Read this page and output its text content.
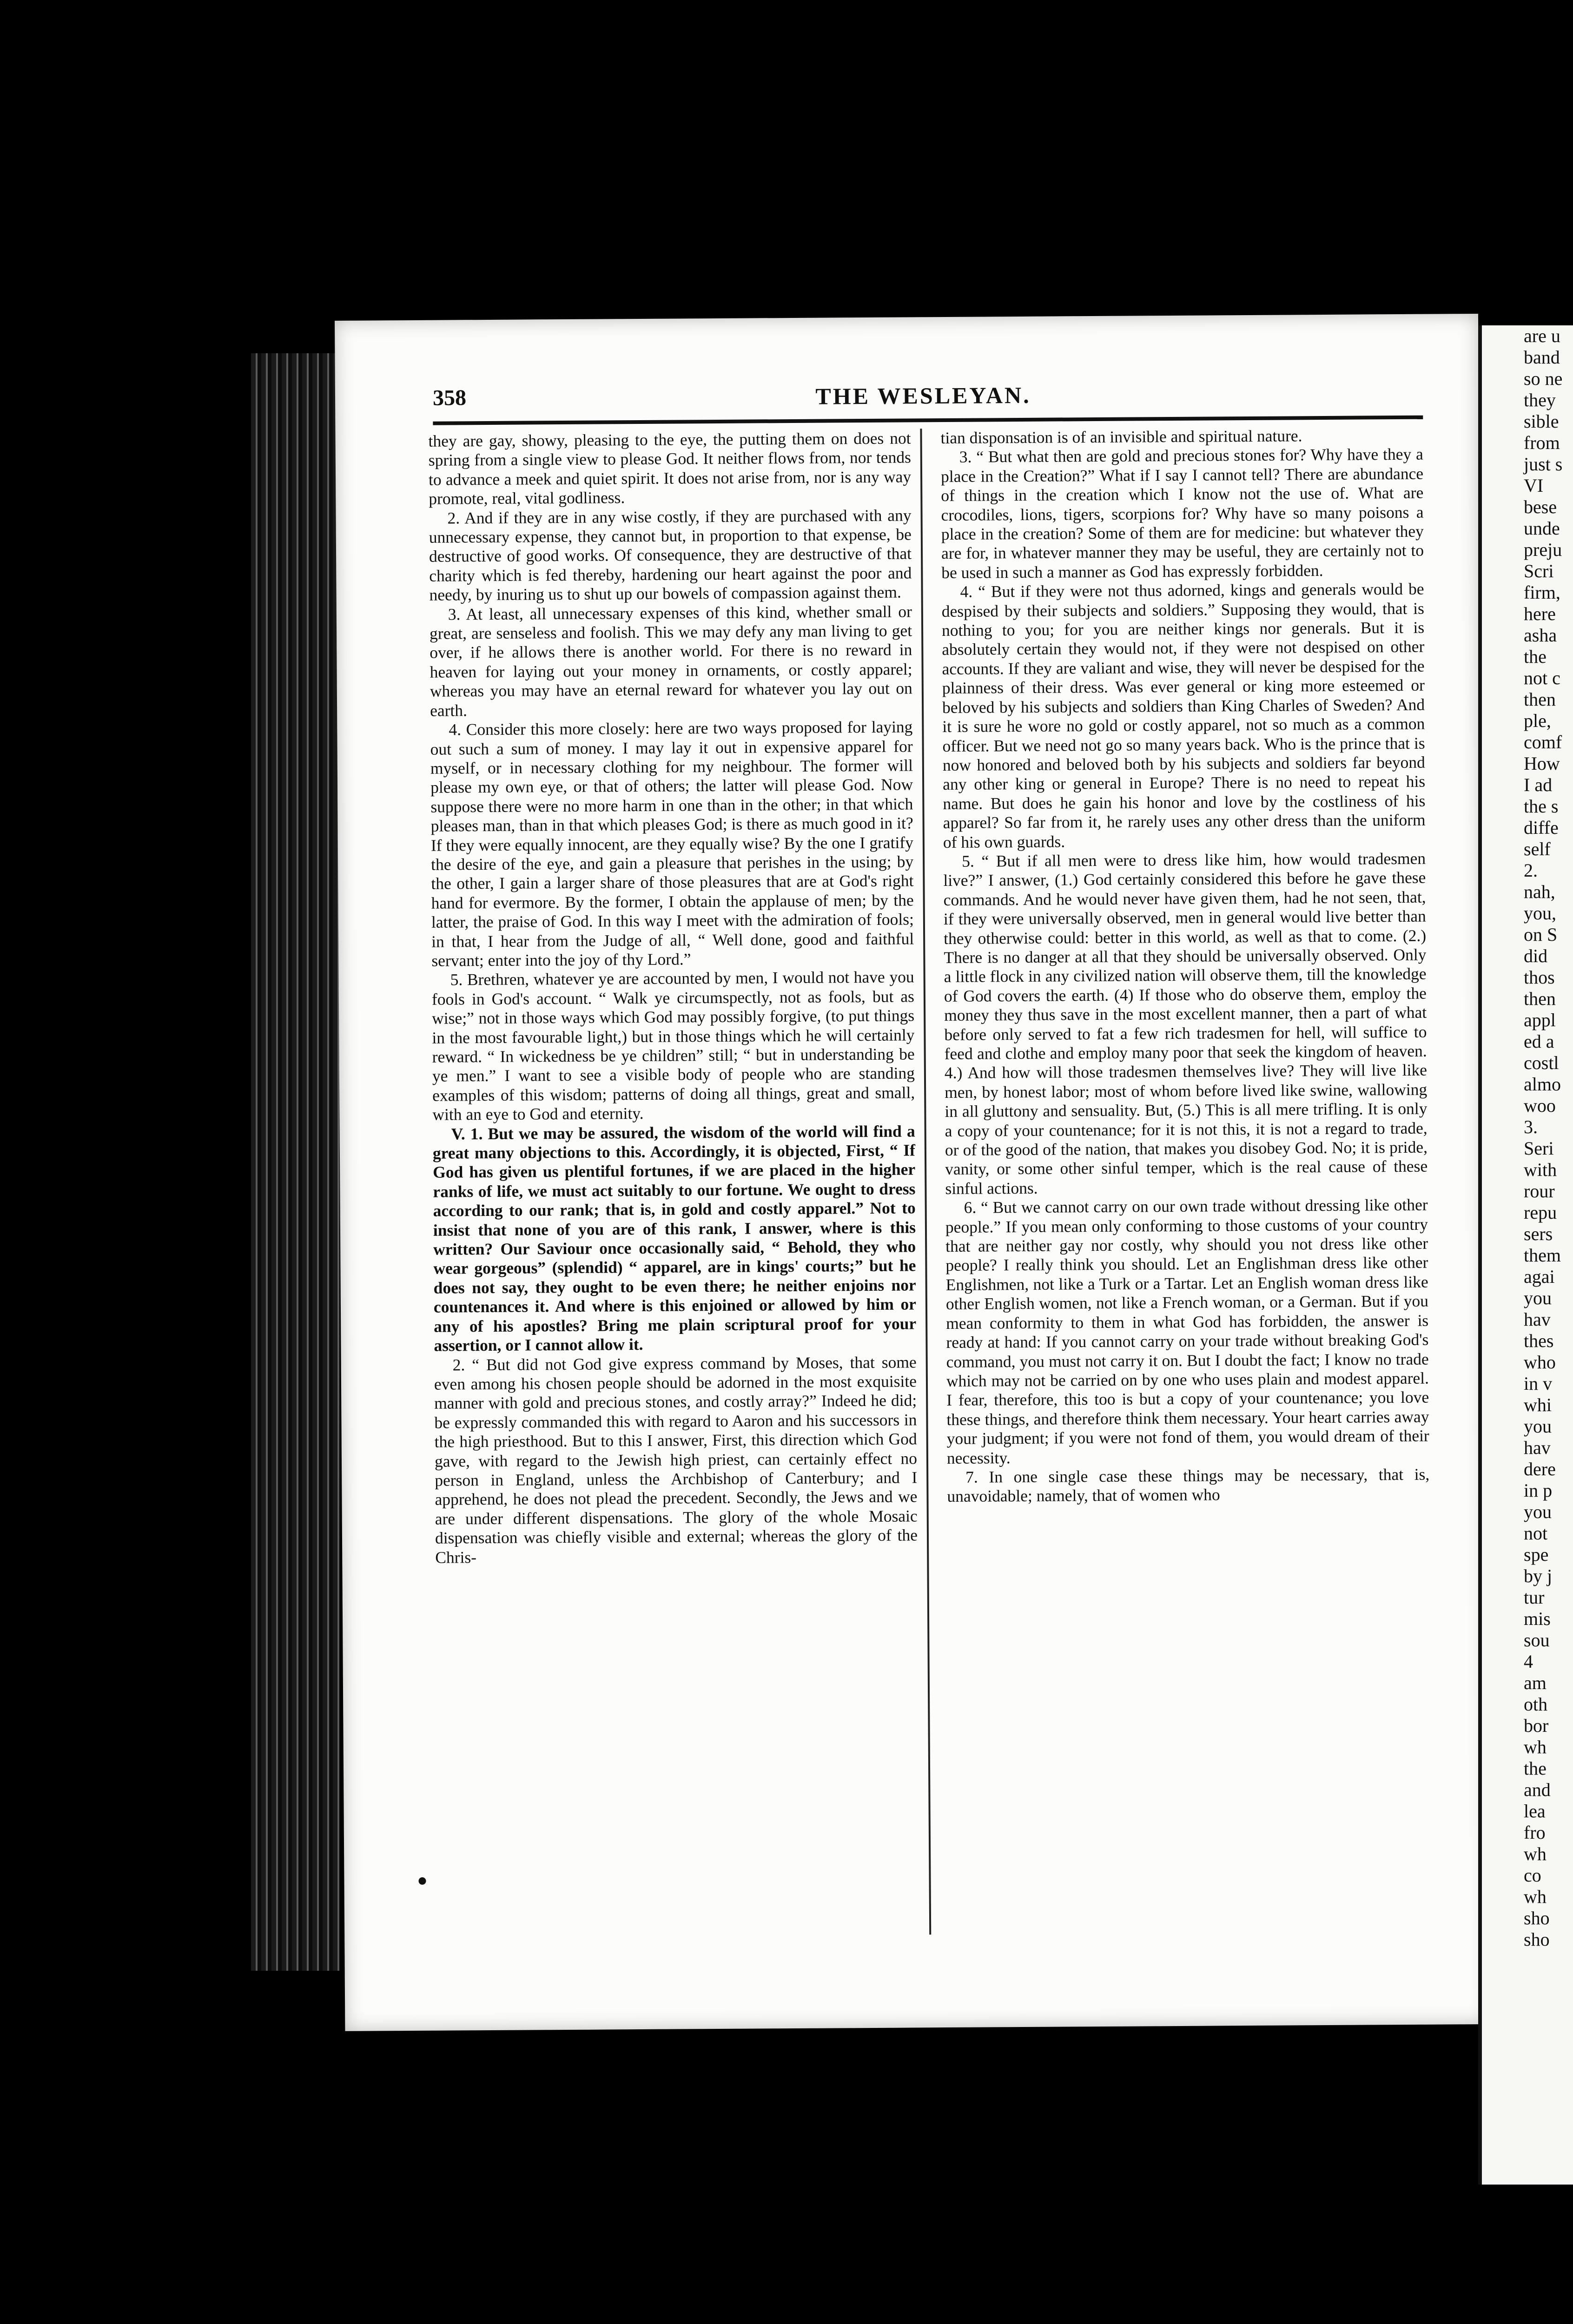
358	THE WESLEYAN.

they are gay, showy, pleasing to the eye, the putting them on does not spring from a single view to please God. It neither flows from, nor tends to advance a meek and quiet spirit. It does not arise from, nor is any way promote, real, vital godliness.

2. And if they are in any wise costly, if they are purchased with any unnecessary expense, they cannot but, in proportion to that expense, be destructive of good works. Of consequence, they are destructive of that charity which is fed thereby, hardening our heart against the poor and needy, by inuring us to shut up our bowels of compassion against them.

3. At least, all unnecessary expenses of this kind, whether small or great, are senseless and foolish. This we may defy any man living to get over, if he allows there is another world. For there is no reward in heaven for laying out your money in ornaments, or costly apparel; whereas you may have an eternal reward for whatever you lay out on earth.

4. Consider this more closely: here are two ways proposed for laying out such a sum of money. I may lay it out in expensive apparel for myself, or in necessary clothing for my neighbour. The former will please my own eye, or that of others; the latter will please God. Now suppose there were no more harm in one than in the other; in that which pleases man, than in that which pleases God; is there as much good in it? If they were equally innocent, are they equally wise? By the one I gratify the desire of the eye, and gain a pleasure that perishes in the using; by the other, I gain a larger share of those pleasures that are at God's right hand for evermore. By the former, I obtain the applause of men; by the latter, the praise of God. In this way I meet with the admiration of fools; in that, I hear from the Judge of all, “ Well done, good and faithful servant; enter into the joy of thy Lord.”

5. Brethren, whatever ye are accounted by men, I would not have you fools in God's account. “ Walk ye circumspectly, not as fools, but as wise;” not in those ways which God may possibly forgive, (to put things in the most favourable light,) but in those things which he will certainly reward. “ In wickedness be ye children” still; “ but in understanding be ye men.” I want to see a visible body of people who are standing examples of this wisdom; patterns of doing all things, great and small, with an eye to God and eternity.

V. 1. But we may be assured, the wisdom of the world will find a great many objections to this. Accordingly, it is objected, First, “ If God has given us plentiful fortunes, if we are placed in the higher ranks of life, we must act suitably to our fortune. We ought to dress according to our rank; that is, in gold and costly apparel.” Not to insist that none of you are of this rank, I answer, where is this written? Our Saviour once occasionally said, “ Behold, they who wear gorgeous” (splendid) “ apparel, are in kings' courts;” but he does not say, they ought to be even there; he neither enjoins nor countenances it. And where is this enjoined or allowed by him or any of his apostles? Bring me plain scriptural proof for your assertion, or I cannot allow it.

2. “ But did not God give express command by Moses, that some even among his chosen people should be adorned in the most exquisite manner with gold and precious stones, and costly array?” Indeed he did; be expressly commanded this with regard to Aaron and his successors in the high priesthood. But to this I answer, First, this direction which God gave, with regard to the Jewish high priest, can certainly effect no person in England, unless the Archbishop of Canterbury; and I apprehend, he does not plead the precedent. Secondly, the Jews and we are under different dispensations. The glory of the whole Mosaic dispensation was chiefly visible and external; whereas the glory of the Chris-

tian disponsation is of an invisible and spiritual nature.

3. “ But what then are gold and precious stones for? Why have they a place in the Creation?” What if I say I cannot tell? There are abundance of things in the creation which I know not the use of. What are crocodiles, lions, tigers, scorpions for? Why have so many poisons a place in the creation? Some of them are for medicine: but whatever they are for, in whatever manner they may be useful, they are certainly not to be used in such a manner as God has expressly forbidden.

4. “ But if they were not thus adorned, kings and generals would be despised by their subjects and soldiers.” Supposing they would, that is nothing to you; for you are neither kings nor generals. But it is absolutely certain they would not, if they were not despised on other accounts. If they are valiant and wise, they will never be despised for the plainness of their dress. Was ever general or king more esteemed or beloved by his subjects and soldiers than King Charles of Sweden? And it is sure he wore no gold or costly apparel, not so much as a common officer. But we need not go so many years back. Who is the prince that is now honored and beloved both by his subjects and soldiers far beyond any other king or general in Europe? There is no need to repeat his name. But does he gain his honor and love by the costliness of his apparel? So far from it, he rarely uses any other dress than the uniform of his own guards.

5. “ But if all men were to dress like him, how would tradesmen live?” I answer, (1.) God certainly considered this before he gave these commands. And he would never have given them, had he not seen, that, if they were universally observed, men in general would live better than they otherwise could: better in this world, as well as that to come. (2.) There is no danger at all that they should be universally observed. Only a little flock in any civilized nation will observe them, till the knowledge of God covers the earth. (4) If those who do observe them, employ the money they thus save in the most excellent manner, then a part of what before only served to fat a few rich tradesmen for hell, will suffice to feed and clothe and employ many poor that seek the kingdom of heaven. 4.) And how will those tradesmen themselves live? They will live like men, by honest labor; most of whom before lived like swine, wallowing in all gluttony and sensuality. But, (5.) This is all mere trifling. It is only a copy of your countenance; for it is not this, it is not a regard to trade, or of the good of the nation, that makes you disobey God. No; it is pride, vanity, or some other sinful temper, which is the real cause of these sinful actions.

6. “ But we cannot carry on our own trade without dressing like other people.” If you mean only conforming to those customs of your country that are neither gay nor costly, why should you not dress like other people? I really think you should. Let an Englishman dress like other Englishmen, not like a Turk or a Tartar. Let an English woman dress like other English women, not like a French woman, or a German. But if you mean conformity to them in what God has forbidden, the answer is ready at hand: If you cannot carry on your trade without breaking God's command, you must not carry it on. But I doubt the fact; I know no trade which may not be carried on by one who uses plain and modest apparel. I fear, therefore, this too is but a copy of your countenance; you love these things, and therefore think them necessary. Your heart carries away your judgment; if you were not fond of them, you would dream of their necessity.

7. In one single case these things may be necessary, that is, unavoidable; namely, that of women who

are u
band
so ne
they
sible
from
just s
VI
bese
unde
preju
Scri
firm,
here
asha
the
not c
then
ple,
comf
How
I ad
the s
diffe
self
2.
nah,
you,
on S
did
thos
then
appl
ed a
costl
almo
woo
3.
Seri
with
rour
repu
sers
them
agai
you
hav
thes
who
in v
whi
you
hav
dere
in p
you
not
spe
by j
tur
mis
sou
4
am
oth
bor
wh
the
and
lea
fro
wh
co
wh
sho
sho
